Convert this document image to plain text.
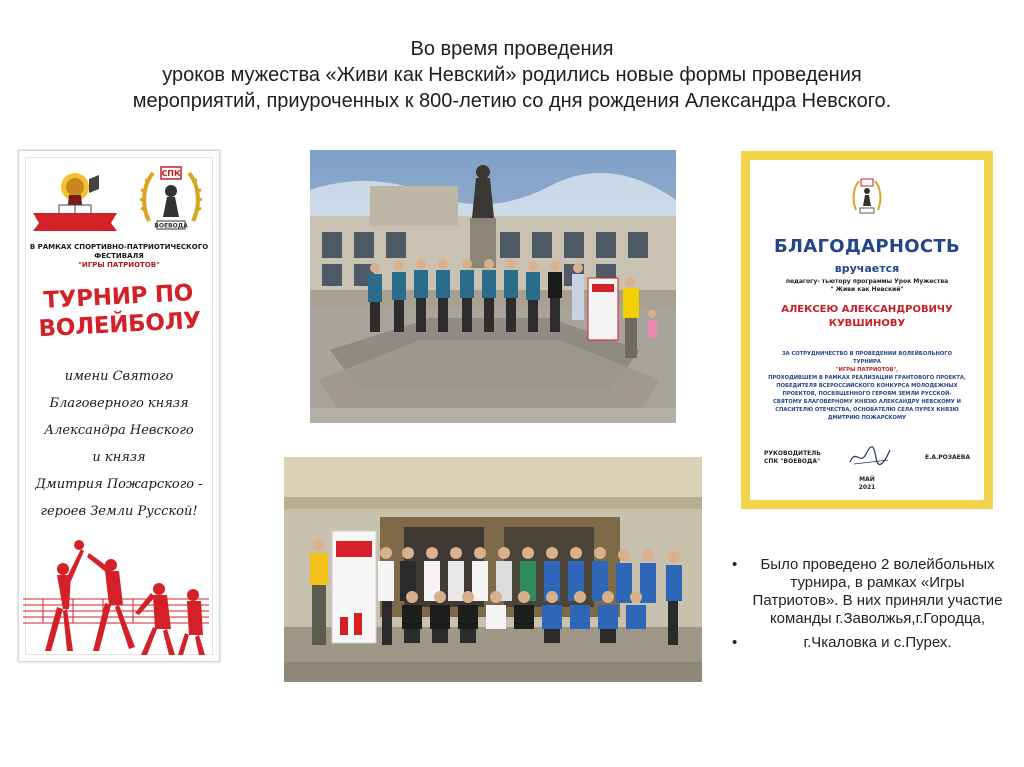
Во время проведения
уроков мужества «Живи как Невский» родились новые формы проведения
мероприятий, приуроченных к 800-летию со дня рождения Александра Невского.
СПК
ВОЕВОДА
В РАМКАХ СПОРТИВНО-ПАТРИОТИЧЕСКОГО
ФЕСТИВАЛЯ
"ИГРЫ ПАТРИОТОВ"
ТУРНИР ПО
ВОЛЕЙБОЛУ
имени Святого
Благоверного князя
Александра Невского
и князя
Дмитрия Пожарского -
героев Земли Русской!
БЛАГОДАРНОСТЬ
вручается
педагогу- тьютору программы Урок Мужества
" Живи как Невский"
АЛЕКСЕЮ АЛЕКСАНДРОВИЧУ
КУВШИНОВУ
ЗА СОТРУДНИЧЕСТВО В ПРОВЕДЕНИИ ВОЛЕЙБОЛЬНОГО
ТУРНИРА
"ИГРЫ ПАТРИОТОВ",
ПРОХОДИВШЕМ В РАМКАХ РЕАЛИЗАЦИИ ГРАНТОВОГО ПРОЕКТА,
ПОБЕДИТЕЛЯ ВСЕРОССИЙСКОГО КОНКУРСА МОЛОДЕЖНЫХ
ПРОЕКТОВ, ПОСВЯЩЕННОГО ГЕРОЯМ ЗЕМЛИ РУССКОЙ-
СВЯТОМУ БЛАГОВЕРНОМУ КНЯЗЮ АЛЕКСАНДРУ НЕВСКОМУ И
СПАСИТЕЛЮ ОТЕЧЕСТВА, ОСНОВАТЕЛЮ СЕЛА ПУРЕХ КНЯЗЮ
ДМИТРИЮ ПОЖАРСКОМУ
РУКОВОДИТЕЛЬ
СПК "ВОЕВОДА"
Е.А.РОЗАЕВА
МАЙ
2021
• Было проведено 2 волейбольных турнира, в рамках «Игры Патриотов». В них приняли участие команды г.Заволжья,г.Городца,
• г.Чкаловка и с.Пурех.
